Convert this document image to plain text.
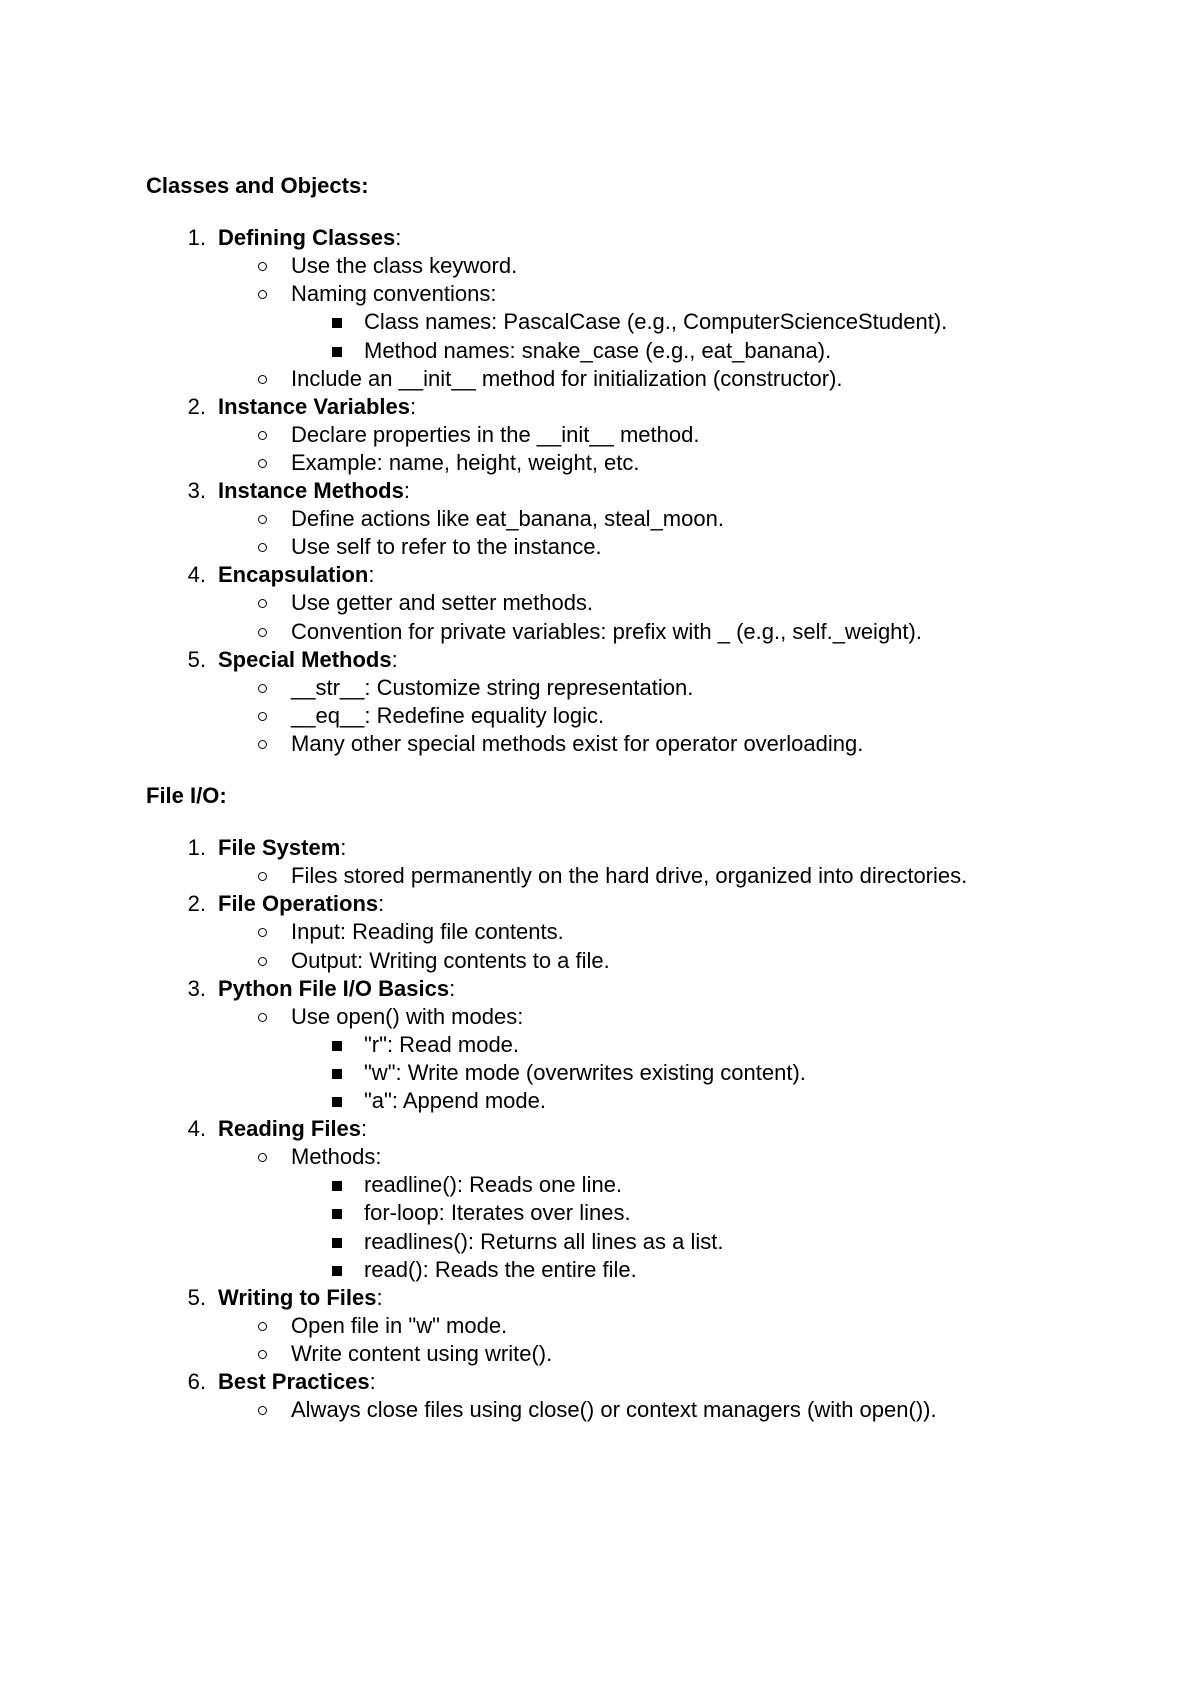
Classes and Objects:
1. Defining Classes:
Use the class keyword.
Naming conventions:
Class names: PascalCase (e.g., ComputerScienceStudent).
Method names: snake_case (e.g., eat_banana).
Include an __init__ method for initialization (constructor).
2. Instance Variables:
Declare properties in the __init__ method.
Example: name, height, weight, etc.
3. Instance Methods:
Define actions like eat_banana, steal_moon.
Use self to refer to the instance.
4. Encapsulation:
Use getter and setter methods.
Convention for private variables: prefix with _ (e.g., self._weight).
5. Special Methods:
__str__: Customize string representation.
__eq__: Redefine equality logic.
Many other special methods exist for operator overloading.
File I/O:
1. File System:
Files stored permanently on the hard drive, organized into directories.
2. File Operations:
Input: Reading file contents.
Output: Writing contents to a file.
3. Python File I/O Basics:
Use open() with modes:
"r": Read mode.
"w": Write mode (overwrites existing content).
"a": Append mode.
4. Reading Files:
Methods:
readline(): Reads one line.
for-loop: Iterates over lines.
readlines(): Returns all lines as a list.
read(): Reads the entire file.
5. Writing to Files:
Open file in "w" mode.
Write content using write().
6. Best Practices:
Always close files using close() or context managers (with open()).
